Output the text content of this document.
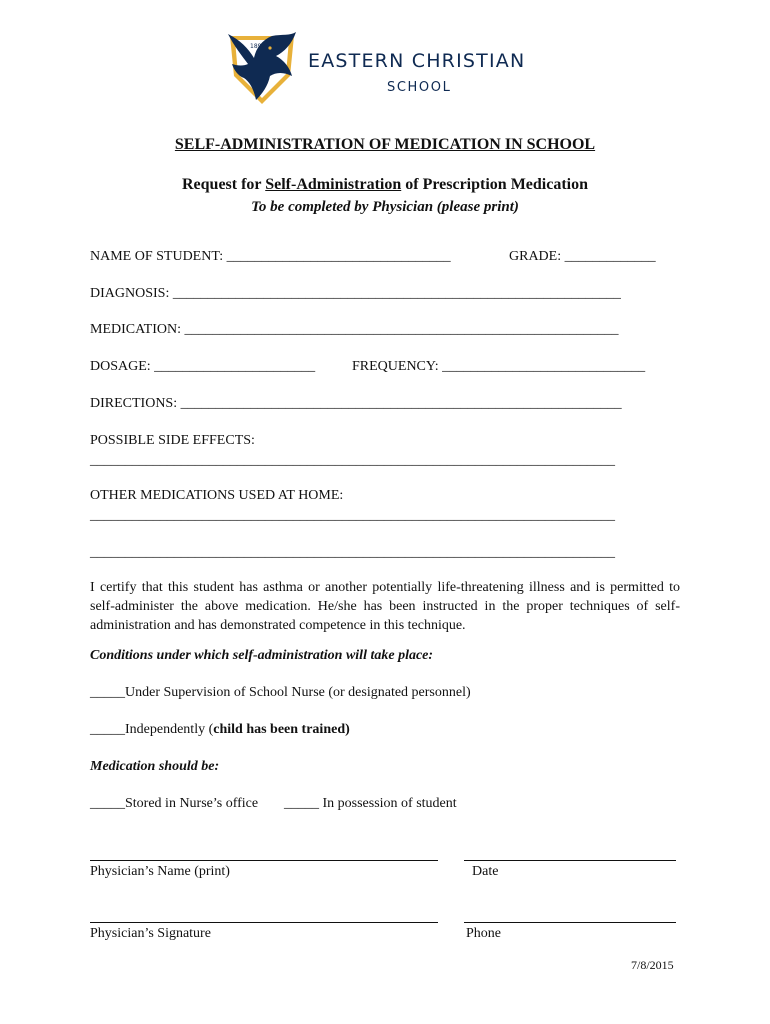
1892
EASTERN CHRISTIAN
SCHOOL
SELF-ADMINISTRATION OF MEDICATION IN SCHOOL
Request for Self-Administration of Prescription Medication
To be completed by Physician (please print)
NAME OF STUDENT: ________________________________	GRADE: _____________
DIAGNOSIS: ________________________________________________________________
MEDICATION: ______________________________________________________________
DOSAGE: _______________________	FREQUENCY: _____________________________
DIRECTIONS: _______________________________________________________________
POSSIBLE SIDE EFFECTS:
___________________________________________________________________________
OTHER MEDICATIONS USED AT HOME:
___________________________________________________________________________
___________________________________________________________________________
I certify that this student has asthma or another potentially life-threatening illness and is permitted to self-administer the above medication. He/she has been instructed in the proper techniques of self-administration and has demonstrated competence in this technique.
Conditions under which self-administration will take place:
_____Under Supervision of School Nurse (or designated personnel)
_____Independently (child has been trained)
Medication should be:
_____Stored in Nurse’s office _____ In possession of student
Physician’s Name (print)	Date
Physician’s Signature	Phone
7/8/2015
